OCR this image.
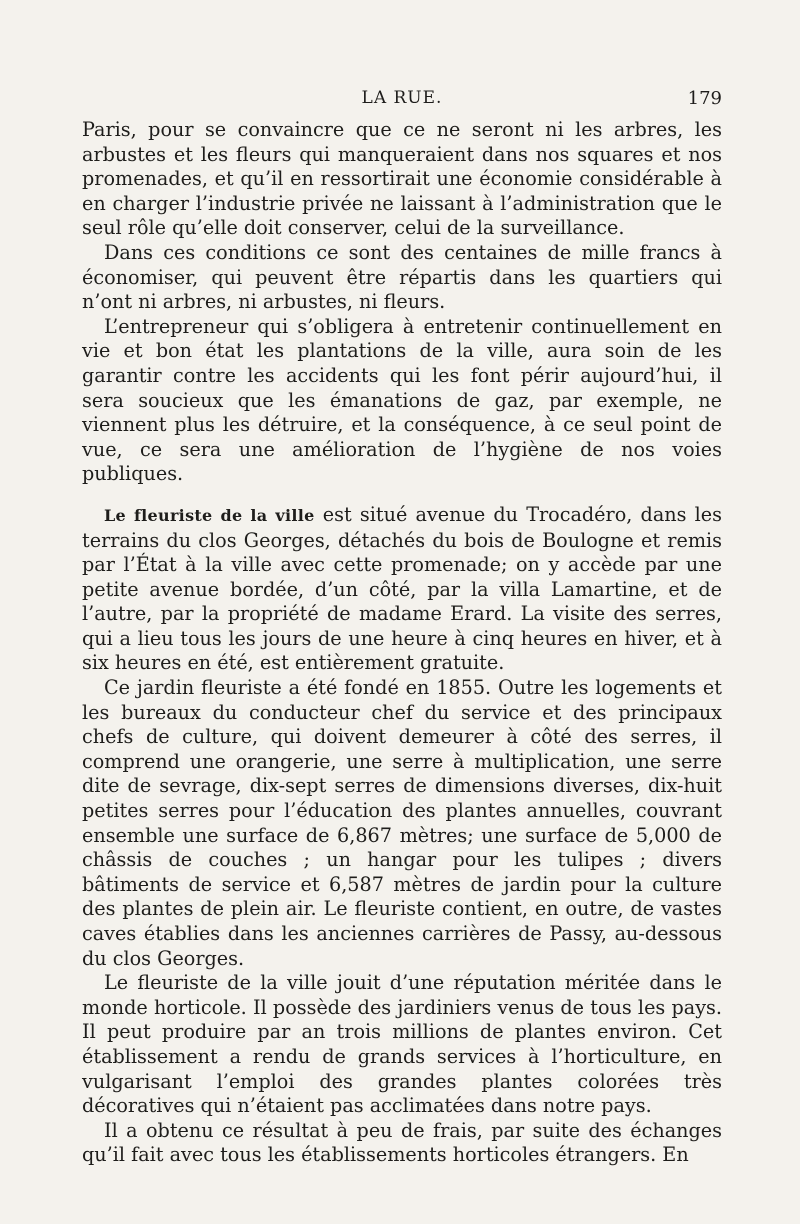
LA RUE.	179

Paris, pour se convaincre que ce ne seront ni les arbres, les arbustes et les fleurs qui manqueraient dans nos squares et nos promenades, et qu’il en ressortirait une économie considérable à en charger l’industrie privée ne laissant à l’administration que le seul rôle qu’elle doit conserver, celui de la surveillance.

Dans ces conditions ce sont des centaines de mille francs à économiser, qui peuvent être répartis dans les quartiers qui n’ont ni arbres, ni arbustes, ni fleurs.

L’entrepreneur qui s’obligera à entretenir continuellement en vie et bon état les plantations de la ville, aura soin de les garantir contre les accidents qui les font périr aujourd’hui, il sera soucieux que les émanations de gaz, par exemple, ne viennent plus les détruire, et la conséquence, à ce seul point de vue, ce sera une amélioration de l’hygiène de nos voies publiques.

Le fleuriste de la ville est situé avenue du Trocadéro, dans les terrains du clos Georges, détachés du bois de Boulogne et remis par l’État à la ville avec cette promenade; on y accède par une petite avenue bordée, d’un côté, par la villa Lamartine, et de l’autre, par la propriété de madame Erard. La visite des serres, qui a lieu tous les jours de une heure à cinq heures en hiver, et à six heures en été, est entièrement gratuite.

Ce jardin fleuriste a été fondé en 1855. Outre les logements et les bureaux du conducteur chef du service et des principaux chefs de culture, qui doivent demeurer à côté des serres, il comprend une orangerie, une serre à multiplication, une serre dite de sevrage, dix-sept serres de dimensions diverses, dix-huit petites serres pour l’éducation des plantes annuelles, couvrant ensemble une surface de 6,867 mètres; une surface de 5,000 de châssis de couches ; un hangar pour les tulipes ; divers bâtiments de service et 6,587 mètres de jardin pour la culture des plantes de plein air. Le fleuriste contient, en outre, de vastes caves établies dans les anciennes carrières de Passy, au-dessous du clos Georges.

Le fleuriste de la ville jouit d’une réputation méritée dans le monde horticole. Il possède des jardiniers venus de tous les pays. Il peut produire par an trois millions de plantes environ. Cet établissement a rendu de grands services à l’horticulture, en vulgarisant l’emploi des grandes plantes colorées très décoratives qui n’étaient pas acclimatées dans notre pays.

Il a obtenu ce résultat à peu de frais, par suite des échanges qu’il fait avec tous les établissements horticoles étrangers. En
